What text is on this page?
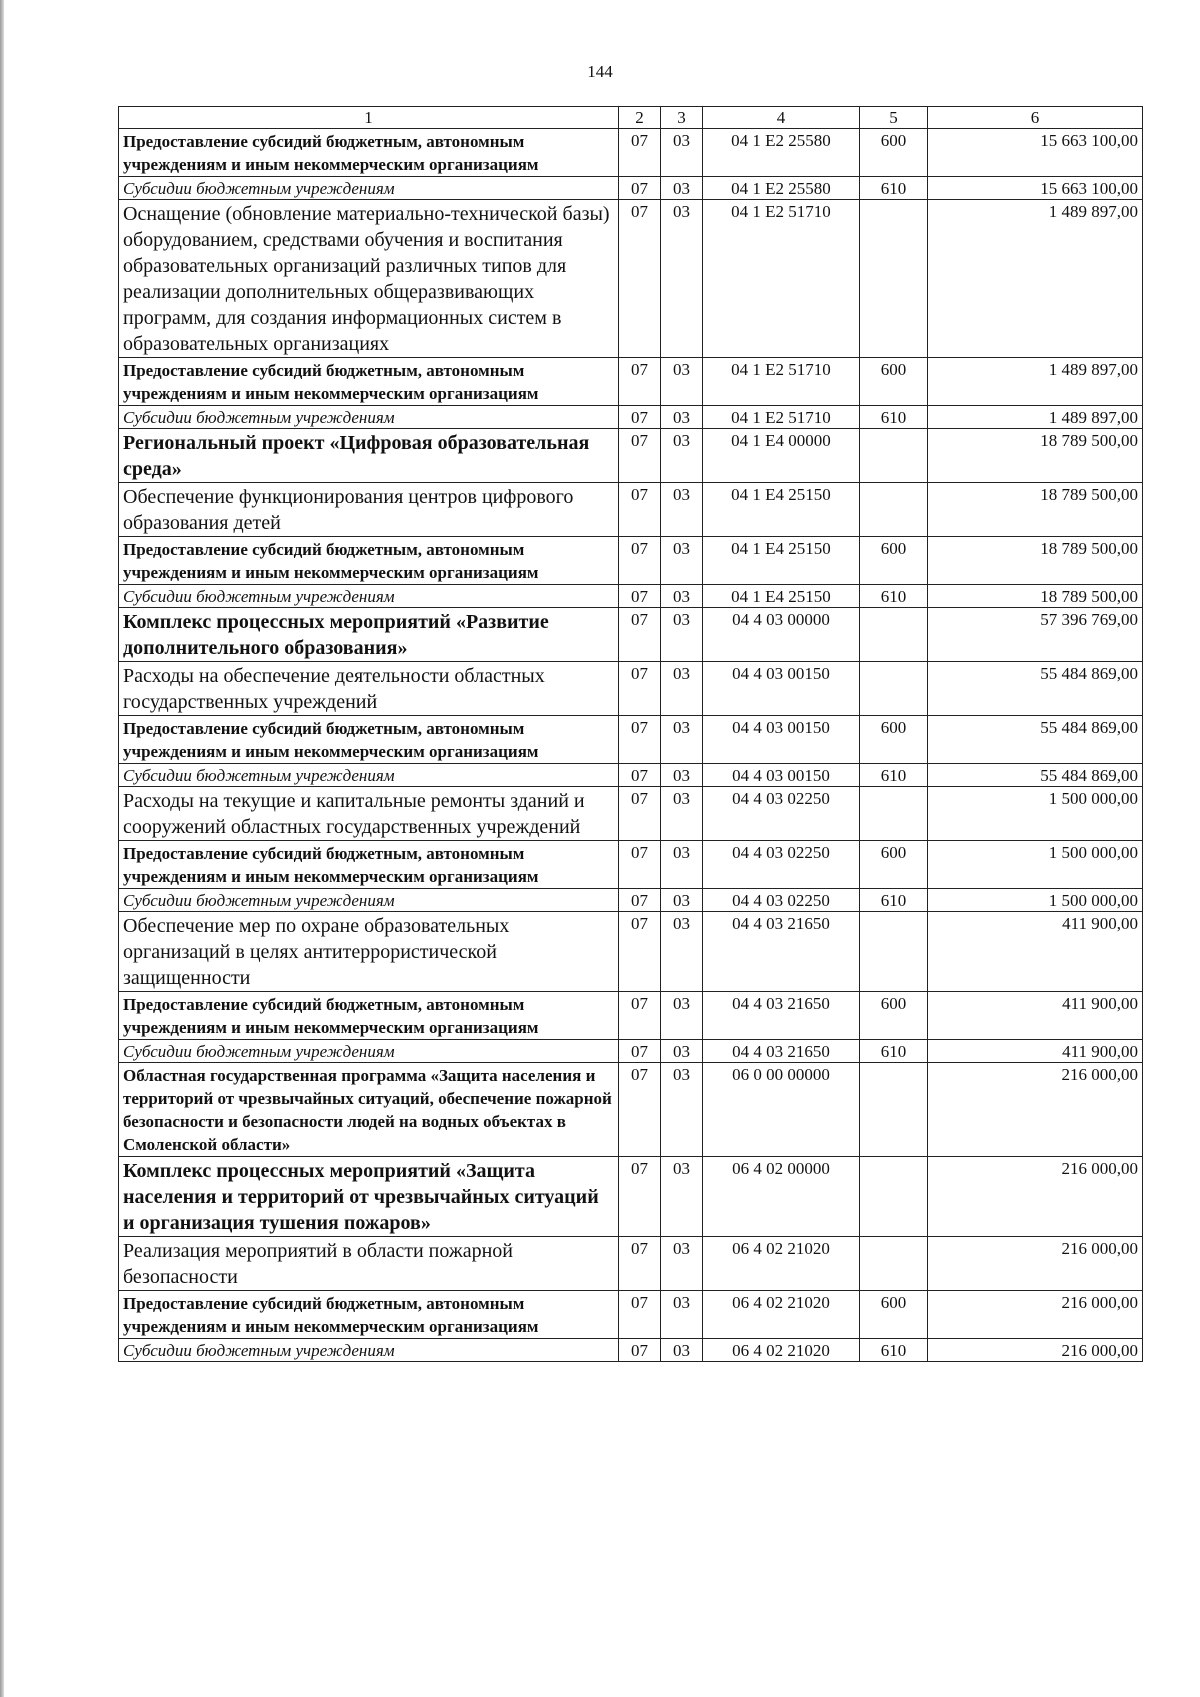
144
1	2	3	4	5	6
Предоставление субсидий бюджетным, автономным учреждениям и иным некоммерческим организациям	07	03	04 1 Е2 25580	600	15 663 100,00
Субсидии бюджетным учреждениям	07	03	04 1 Е2 25580	610	15 663 100,00
Оснащение (обновление материально-технической базы) оборудованием, средствами обучения и воспитания образовательных организаций различных типов для реализации дополнительных общеразвивающих программ, для создания информационных систем в образовательных организациях	07	03	04 1 Е2 51710		1 489 897,00
Предоставление субсидий бюджетным, автономным учреждениям и иным некоммерческим организациям	07	03	04 1 Е2 51710	600	1 489 897,00
Субсидии бюджетным учреждениям	07	03	04 1 Е2 51710	610	1 489 897,00
Региональный проект «Цифровая образовательная среда»	07	03	04 1 Е4 00000		18 789 500,00
Обеспечение функционирования центров цифрового образования детей	07	03	04 1 Е4 25150		18 789 500,00
Предоставление субсидий бюджетным, автономным учреждениям и иным некоммерческим организациям	07	03	04 1 Е4 25150	600	18 789 500,00
Субсидии бюджетным учреждениям	07	03	04 1 Е4 25150	610	18 789 500,00
Комплекс процессных мероприятий «Развитие дополнительного образования»	07	03	04 4 03 00000		57 396 769,00
Расходы на обеспечение деятельности областных государственных учреждений	07	03	04 4 03 00150		55 484 869,00
Предоставление субсидий бюджетным, автономным учреждениям и иным некоммерческим организациям	07	03	04 4 03 00150	600	55 484 869,00
Субсидии бюджетным учреждениям	07	03	04 4 03 00150	610	55 484 869,00
Расходы на текущие и капитальные ремонты зданий и сооружений областных государственных учреждений	07	03	04 4 03 02250		1 500 000,00
Предоставление субсидий бюджетным, автономным учреждениям и иным некоммерческим организациям	07	03	04 4 03 02250	600	1 500 000,00
Субсидии бюджетным учреждениям	07	03	04 4 03 02250	610	1 500 000,00
Обеспечение мер по охране образовательных организаций в целях антитеррористической защищенности	07	03	04 4 03 21650		411 900,00
Предоставление субсидий бюджетным, автономным учреждениям и иным некоммерческим организациям	07	03	04 4 03 21650	600	411 900,00
Субсидии бюджетным учреждениям	07	03	04 4 03 21650	610	411 900,00
Областная государственная программа «Защита населения и территорий от чрезвычайных ситуаций, обеспечение пожарной безопасности и безопасности людей на водных объектах в Смоленской области»	07	03	06 0 00 00000		216 000,00
Комплекс процессных мероприятий «Защита населения и территорий от чрезвычайных ситуаций и организация тушения пожаров»	07	03	06 4 02 00000		216 000,00
Реализация мероприятий в области пожарной безопасности	07	03	06 4 02 21020		216 000,00
Предоставление субсидий бюджетным, автономным учреждениям и иным некоммерческим организациям	07	03	06 4 02 21020	600	216 000,00
Субсидии бюджетным учреждениям	07	03	06 4 02 21020	610	216 000,00
